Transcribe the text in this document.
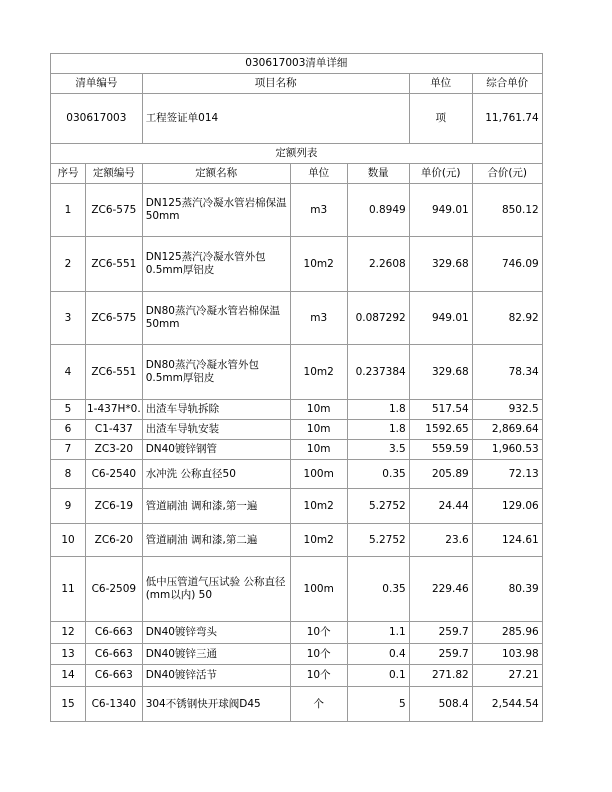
030617003清单详细						
清单编号		项目名称			单位	综合单价
030617003		工程签证单014			项	11,761.74
定额列表						
序号	定额编号	定额名称	单位	数量	单价(元)	合价(元)
1	ZC6-575	DN125蒸汽冷凝水管岩棉保温50mm	m3	0.8949	949.01	850.12
2	ZC6-551	DN125蒸汽冷凝水管外包0.5mm厚铝皮	10m2	2.2608	329.68	746.09
3	ZC6-575	DN80蒸汽冷凝水管岩棉保温50mm	m3	0.087292	949.01	82.92
4	ZC6-551	DN80蒸汽冷凝水管外包0.5mm厚铝皮	10m2	0.237384	329.68	78.34
5	1-437H*0.	出渣车导轨拆除	10m	1.8	517.54	932.5
6	C1-437	出渣车导轨安装	10m	1.8	1592.65	2,869.64
7	ZC3-20	DN40镀锌钢管	10m	3.5	559.59	1,960.53
8	C6-2540	水冲洗 公称直径50	100m	0.35	205.89	72.13
9	ZC6-19	管道刷油 调和漆,第一遍	10m2	5.2752	24.44	129.06
10	ZC6-20	管道刷油 调和漆,第二遍	10m2	5.2752	23.6	124.61
11	C6-2509	低中压管道气压试验 公称直径(mm以内) 50	100m	0.35	229.46	80.39
12	C6-663	DN40镀锌弯头	10个	1.1	259.7	285.96
13	C6-663	DN40镀锌三通	10个	0.4	259.7	103.98
14	C6-663	DN40镀锌活节	10个	0.1	271.82	27.21
15	C6-1340	304不锈钢快开球阀D45	个	5	508.4	2,544.54
